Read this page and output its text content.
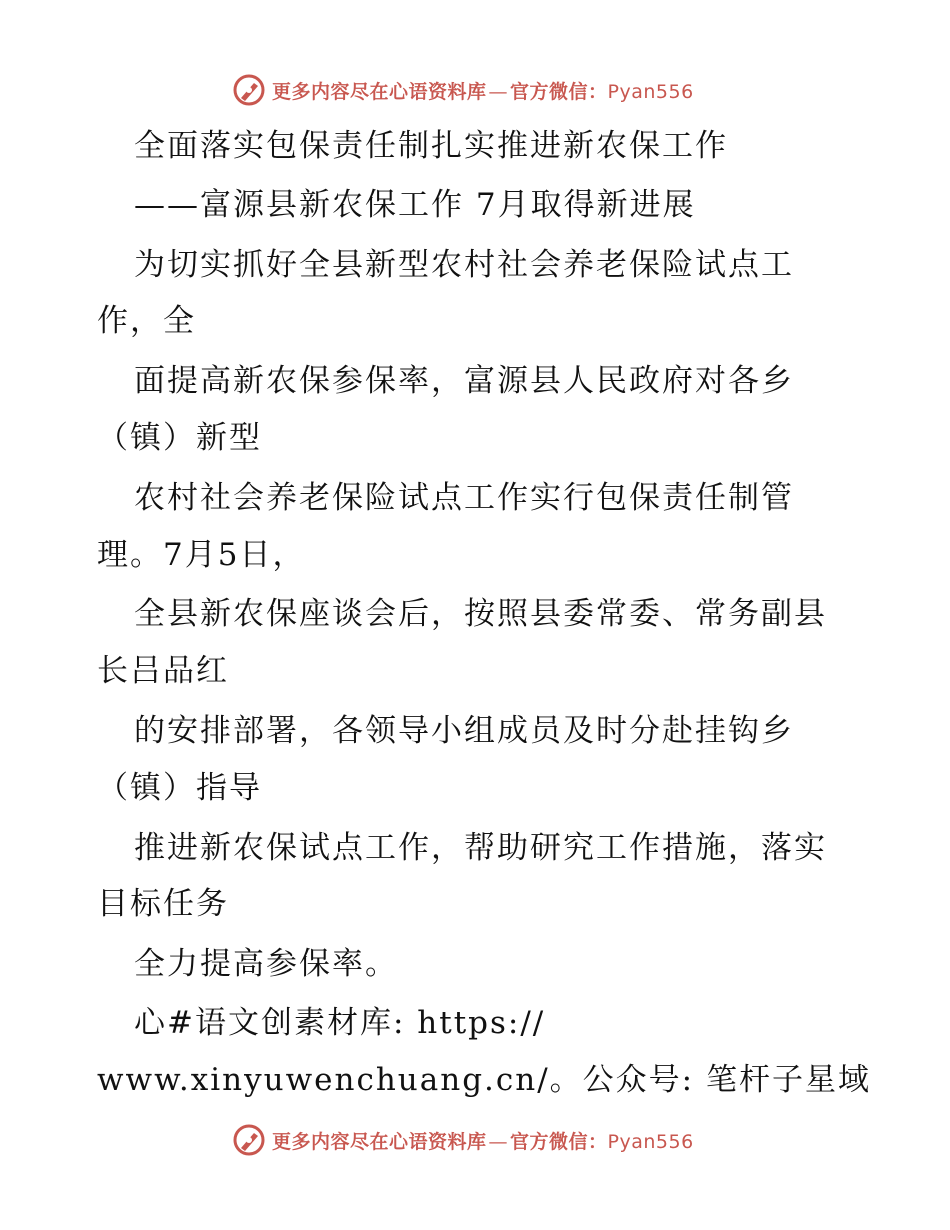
更多内容尽在心语资料库 — 官方微信：Pyan556
全面落实包保责任制扎实推进新农保工作
——富源县新农保工作 7月取得新进展
为切实抓好全县新型农村社会养老保险试点工
作，全
面提高新农保参保率，富源县人民政府对各乡
（镇）新型
农村社会养老保险试点工作实行包保责任制管
理。7月5日，
全县新农保座谈会后，按照县委常委、常务副县
长吕品红
的安排部署，各领导小组成员及时分赴挂钩乡
（镇）指导
推进新农保试点工作，帮助研究工作措施，落实
目标任务
全力提高参保率。
心#语文创素材库: https://
www.xinyuwenchuang.cn/。公众号: 笔杆子星域
更多内容尽在心语资料库 — 官方微信：Pyan556
